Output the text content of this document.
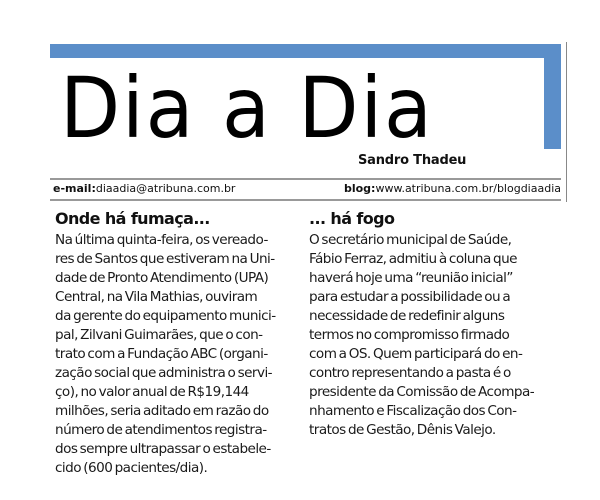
Dia a Dia
Sandro Thadeu
e-mail:diaadia@atribuna.com.br	blog:www.atribuna.com.br/blogdiaadia
Onde há fumaça...
Na última quinta-feira, os vereado-
res de Santos que estiveram na Uni-
dade de Pronto Atendimento (UPA)
Central, na Vila Mathias, ouviram
da gerente do equipamento munici-
pal, Zilvani Guimarães, que o con-
trato com a Fundação ABC (organi-
zação social que administra o servi-
ço), no valor anual de R$19,144
milhões, seria aditado em razão do
número de atendimentos registra-
dos sempre ultrapassar o estabele-
cido (600 pacientes/dia).
... há fogo
O secretário municipal de Saúde,
Fábio Ferraz, admitiu à coluna que
haverá hoje uma “reunião inicial”
para estudar a possibilidade ou a
necessidade de redefinir alguns
termos no compromisso firmado
com a OS. Quem participará do en-
contro representando a pasta é o
presidente da Comissão de Acompa-
nhamento e Fiscalização dos Con-
tratos de Gestão, Dênis Valejo.
